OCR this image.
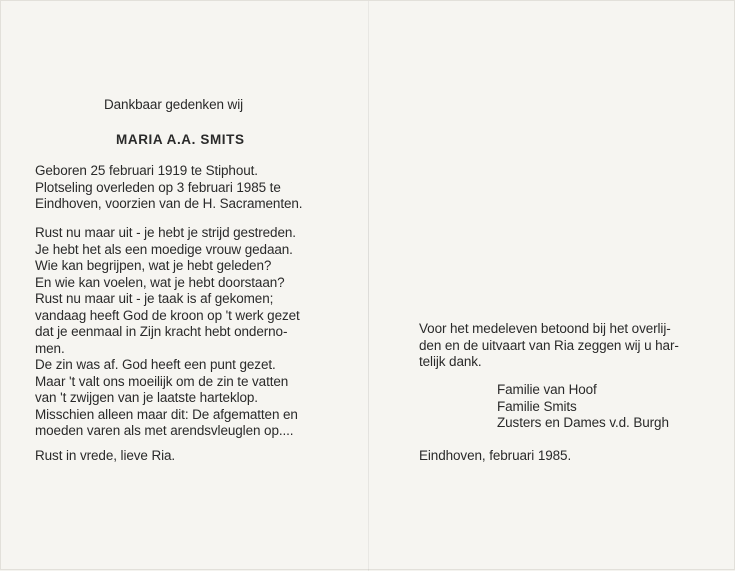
Dankbaar gedenken wij
MARIA A.A. SMITS
Geboren 25 februari 1919 te Stiphout.
Plotseling overleden op 3 februari 1985 te
Eindhoven, voorzien van de H. Sacramenten.
Rust nu maar uit - je hebt je strijd gestreden.
Je hebt het als een moedige vrouw gedaan.
Wie kan begrijpen, wat je hebt geleden?
En wie kan voelen, wat je hebt doorstaan?
Rust nu maar uit - je taak is af gekomen;
vandaag heeft God de kroon op 't werk gezet
dat je eenmaal in Zijn kracht hebt onderno-
men.
De zin was af. God heeft een punt gezet.
Maar 't valt ons moeilijk om de zin te vatten
van 't zwijgen van je laatste harteklop.
Misschien alleen maar dit: De afgematten en
moeden varen als met arendsvleuglen op....
Rust in vrede, lieve Ria.
Voor het medeleven betoond bij het overlij-
den en de uitvaart van Ria zeggen wij u har-
telijk dank.
Familie van Hoof
Familie Smits
Zusters en Dames v.d. Burgh
Eindhoven, februari 1985.
